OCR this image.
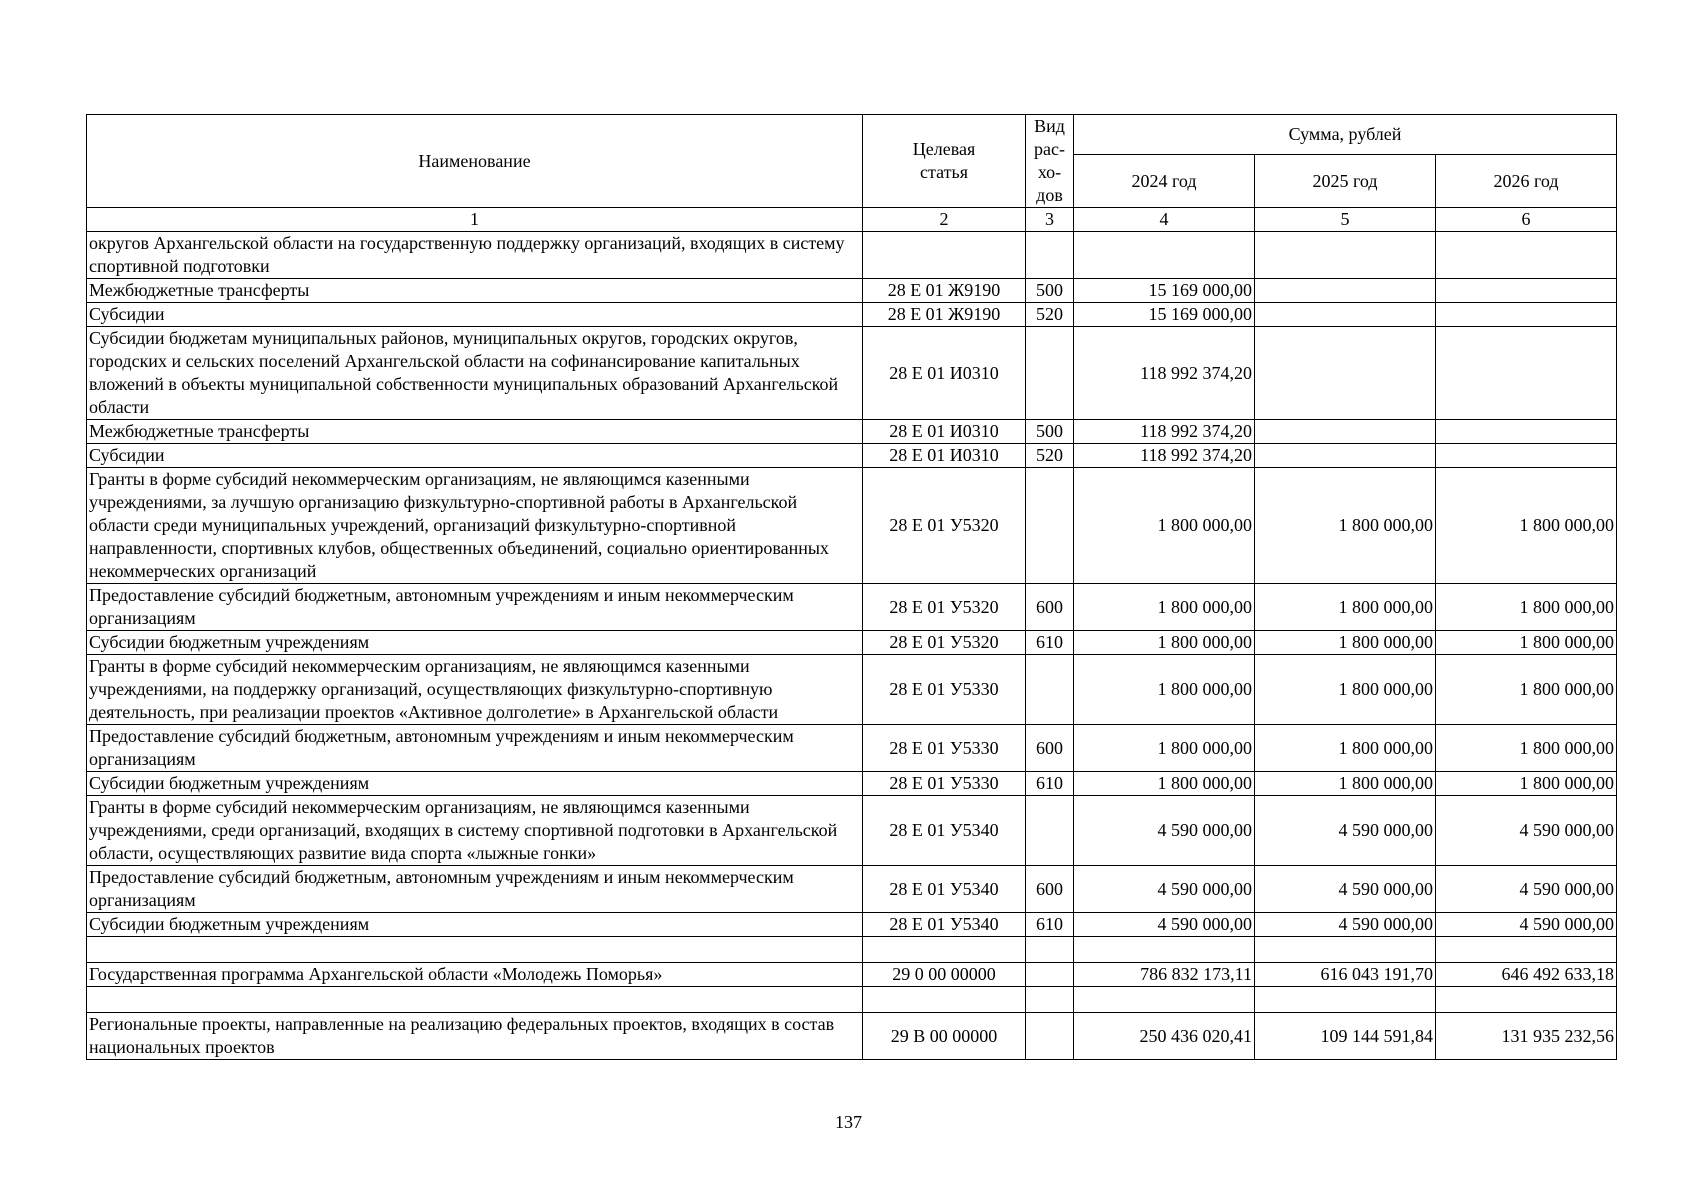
Наименование	Целевая статья	Вид рас-хо-дов	Сумма, рублей		
			2024 год	2025 год	2026 год
1	2	3	4	5	6
округов Архангельской области на государственную поддержку организаций, входящих в систему спортивной подготовки					
Межбюджетные трансферты	28 Е 01 Ж9190	500	15 169 000,00		
Субсидии	28 Е 01 Ж9190	520	15 169 000,00		
Субсидии бюджетам муниципальных районов, муниципальных округов, городских округов, городских и сельских поселений Архангельской области на софинансирование капитальных вложений в объекты муниципальной собственности муниципальных образований Архангельской области	28 Е 01 И0310		118 992 374,20		
Межбюджетные трансферты	28 Е 01 И0310	500	118 992 374,20		
Субсидии	28 Е 01 И0310	520	118 992 374,20		
Гранты в форме субсидий некоммерческим организациям, не являющимся казенными учреждениями, за лучшую организацию физкультурно-спортивной работы в Архангельской области среди муниципальных учреждений, организаций физкультурно-спортивной направленности, спортивных клубов, общественных объединений, социально ориентированных некоммерческих организаций	28 Е 01 У5320		1 800 000,00	1 800 000,00	1 800 000,00
Предоставление субсидий бюджетным, автономным учреждениям и иным некоммерческим организациям	28 Е 01 У5320	600	1 800 000,00	1 800 000,00	1 800 000,00
Субсидии бюджетным учреждениям	28 Е 01 У5320	610	1 800 000,00	1 800 000,00	1 800 000,00
Гранты в форме субсидий некоммерческим организациям, не являющимся казенными учреждениями, на поддержку организаций, осуществляющих физкультурно-спортивную деятельность, при реализации проектов «Активное долголетие» в Архангельской области	28 Е 01 У5330		1 800 000,00	1 800 000,00	1 800 000,00
Предоставление субсидий бюджетным, автономным учреждениям и иным некоммерческим организациям	28 Е 01 У5330	600	1 800 000,00	1 800 000,00	1 800 000,00
Субсидии бюджетным учреждениям	28 Е 01 У5330	610	1 800 000,00	1 800 000,00	1 800 000,00
Гранты в форме субсидий некоммерческим организациям, не являющимся казенными учреждениями, среди организаций, входящих в систему спортивной подготовки в Архангельской области, осуществляющих развитие вида спорта «лыжные гонки»	28 Е 01 У5340		4 590 000,00	4 590 000,00	4 590 000,00
Предоставление субсидий бюджетным, автономным учреждениям и иным некоммерческим организациям	28 Е 01 У5340	600	4 590 000,00	4 590 000,00	4 590 000,00
Субсидии бюджетным учреждениям	28 Е 01 У5340	610	4 590 000,00	4 590 000,00	4 590 000,00

Государственная программа Архангельской области «Молодежь Поморья»	29 0 00 00000		786 832 173,11	616 043 191,70	646 492 633,18

Региональные проекты, направленные на реализацию федеральных проектов, входящих в состав национальных проектов	29 В 00 00000		250 436 020,41	109 144 591,84	131 935 232,56
137
